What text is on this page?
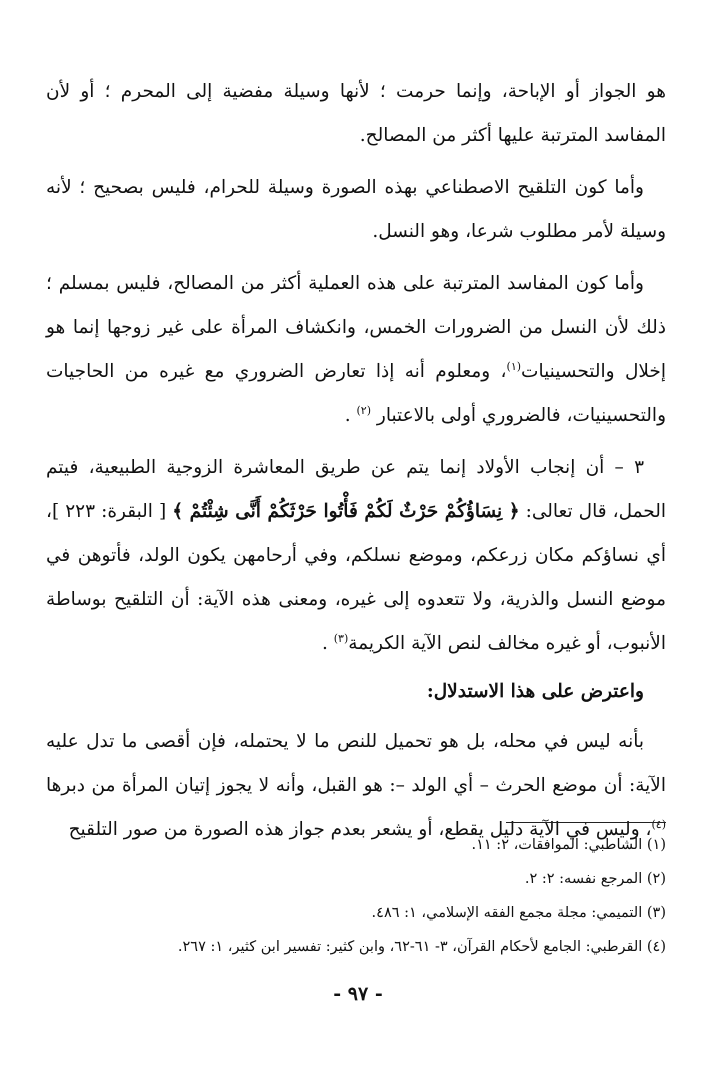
هو الجواز أو الإباحة، وإنما حرمت ؛ لأنها وسيلة مفضية إلى المحرم ؛ أو لأن المفاسد المترتبة عليها أكثر من المصالح.

وأما كون التلقيح الاصطناعي بهذه الصورة وسيلة للحرام، فليس بصحيح ؛ لأنه وسيلة لأمر مطلوب شرعا، وهو النسل.

وأما كون المفاسد المترتبة على هذه العملية أكثر من المصالح، فليس بمسلم ؛ ذلك لأن النسل من الضرورات الخمس، وانكشاف المرأة على غير زوجها إنما هو إخلال والتحسينيات$^{(١)}$، ومعلوم أنه إذا تعارض الضروري مع غيره من الحاجيات والتحسينيات، فالضروري أولى بالاعتبار $^{(٢)}$ .

٣ – أن إنجاب الأولاد إنما يتم عن طريق المعاشرة الزوجية الطبيعية، فيتم الحمل، قال تعالى: ﴿ نِسَاؤُكُمْ حَرْثٌ لَكُمْ فَأْتُوا حَرْثَكُمْ أَنَّى شِئْتُمْ ﴾ [ البقرة: ٢٢٣ ]، أي نساؤكم مكان زرعكم، وموضع نسلكم، وفي أرحامهن يكون الولد، فأتوهن في موضع النسل والذرية، ولا تتعدوه إلى غيره، ومعنى هذه الآية: أن التلقيح بوساطة الأنبوب، أو غيره مخالف لنص الآية الكريمة$^{(٣)}$ .

واعترض على هذا الاستدلال:

بأنه ليس في محله، بل هو تحميل للنص ما لا يحتمله، فإن أقصى ما تدل عليه الآية: أن موضع الحرث – أي الولد –: هو القبل، وأنه لا يجوز إتيان المرأة من دبرها $^{(٤)}$، وليس في الآية دليل يقطع، أو يشعر بعدم جواز هذه الصورة من صور التلقيح

(١) الشاطبي: الموافقات، ٢: ١١.

(٢) المرجع نفسه: ٢: ٢.

(٣) التميمي: مجلة مجمع الفقه الإسلامي، ١: ٤٨٦.

(٤) القرطبي: الجامع لأحكام القرآن، ٣- ٦١-٦٢، وابن كثير: تفسير ابن كثير، ١: ٢٦٧.

- ٩٧ -
